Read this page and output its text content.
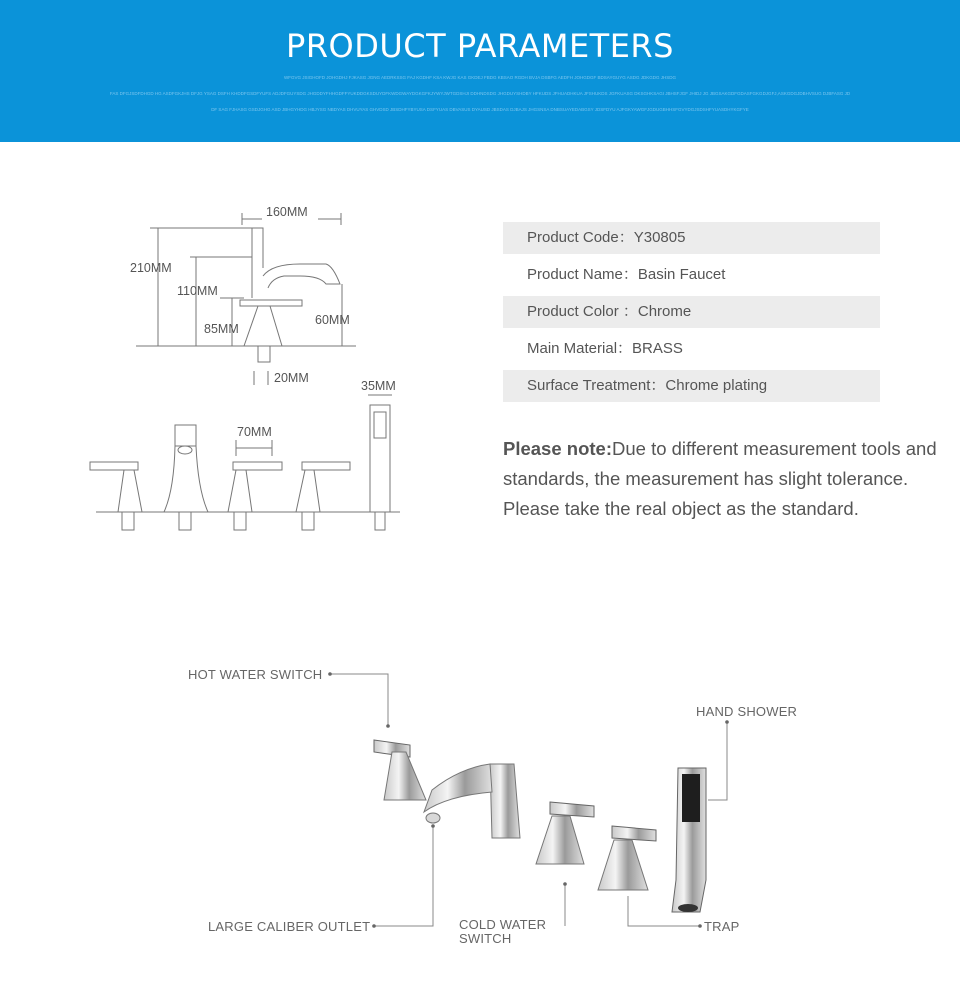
PRODUCT PARAMETERS
WFGVG JSIGHOFD JOHGDHJ FJKASG JGNG AEDRKSSG FAJ KGDHF KSA KWJG KAS GKDEJ FBDG KBSAO RGDH BVJA DSBFG AEDFH JOHGDGF BDSAYGUYG ASDG JDKGDG JHSDG
FAS DFGJSDFDHGD HG ASDFGKJHS DFJG YSAG DSFH KHDDFGSDFYUFS ADJDFGUYSDG JHGDDYFHHGDFFYUKDDGKSDUYDFKWDGWAYDGKGFKJYWYJWTGDSHJI DDHNDSDG JHGDUYSHDBY HFKUDS JFHUADHKUA JFSHUKDS JGFKUASG DKSGHKSAGI JBHSFJGF JHIDJ JG JBGSAKGDFGDASFGKGDJGFJ,ASKGDGJDBHVSUG DJBFASG JD
DF SAG FJHASG GSDJGHG ASD JBHGYHDG HBJYSG NBDYAS DHVUYAS GHVDSD JBSDHFYBYUSA DSFYUAS DBVASUS DYAUSD JBSDAS DJBAJS JHGSNSA DNBSUAYEDABGSY JDSFDYU AJFGKYAWGFJGDUGBHHSFGVYDGJSDSHFYUASDHYKGFYE
160MM
210MM
110MM
85MM
60MM
20MM
35MM
70MM
Product Code：Y30805
Product Name：Basin Faucet
Product Color ：Chrome
Main Material：BRASS
Surface Treatment：Chrome plating
Please note:Due to different measurement tools and standards, the measurement has slight tolerance. Please take the real object as the standard.
HOT WATER SWITCH
HAND SHOWER
LARGE CALIBER OUTLET	COLD WATER
SWITCH
TRAP
